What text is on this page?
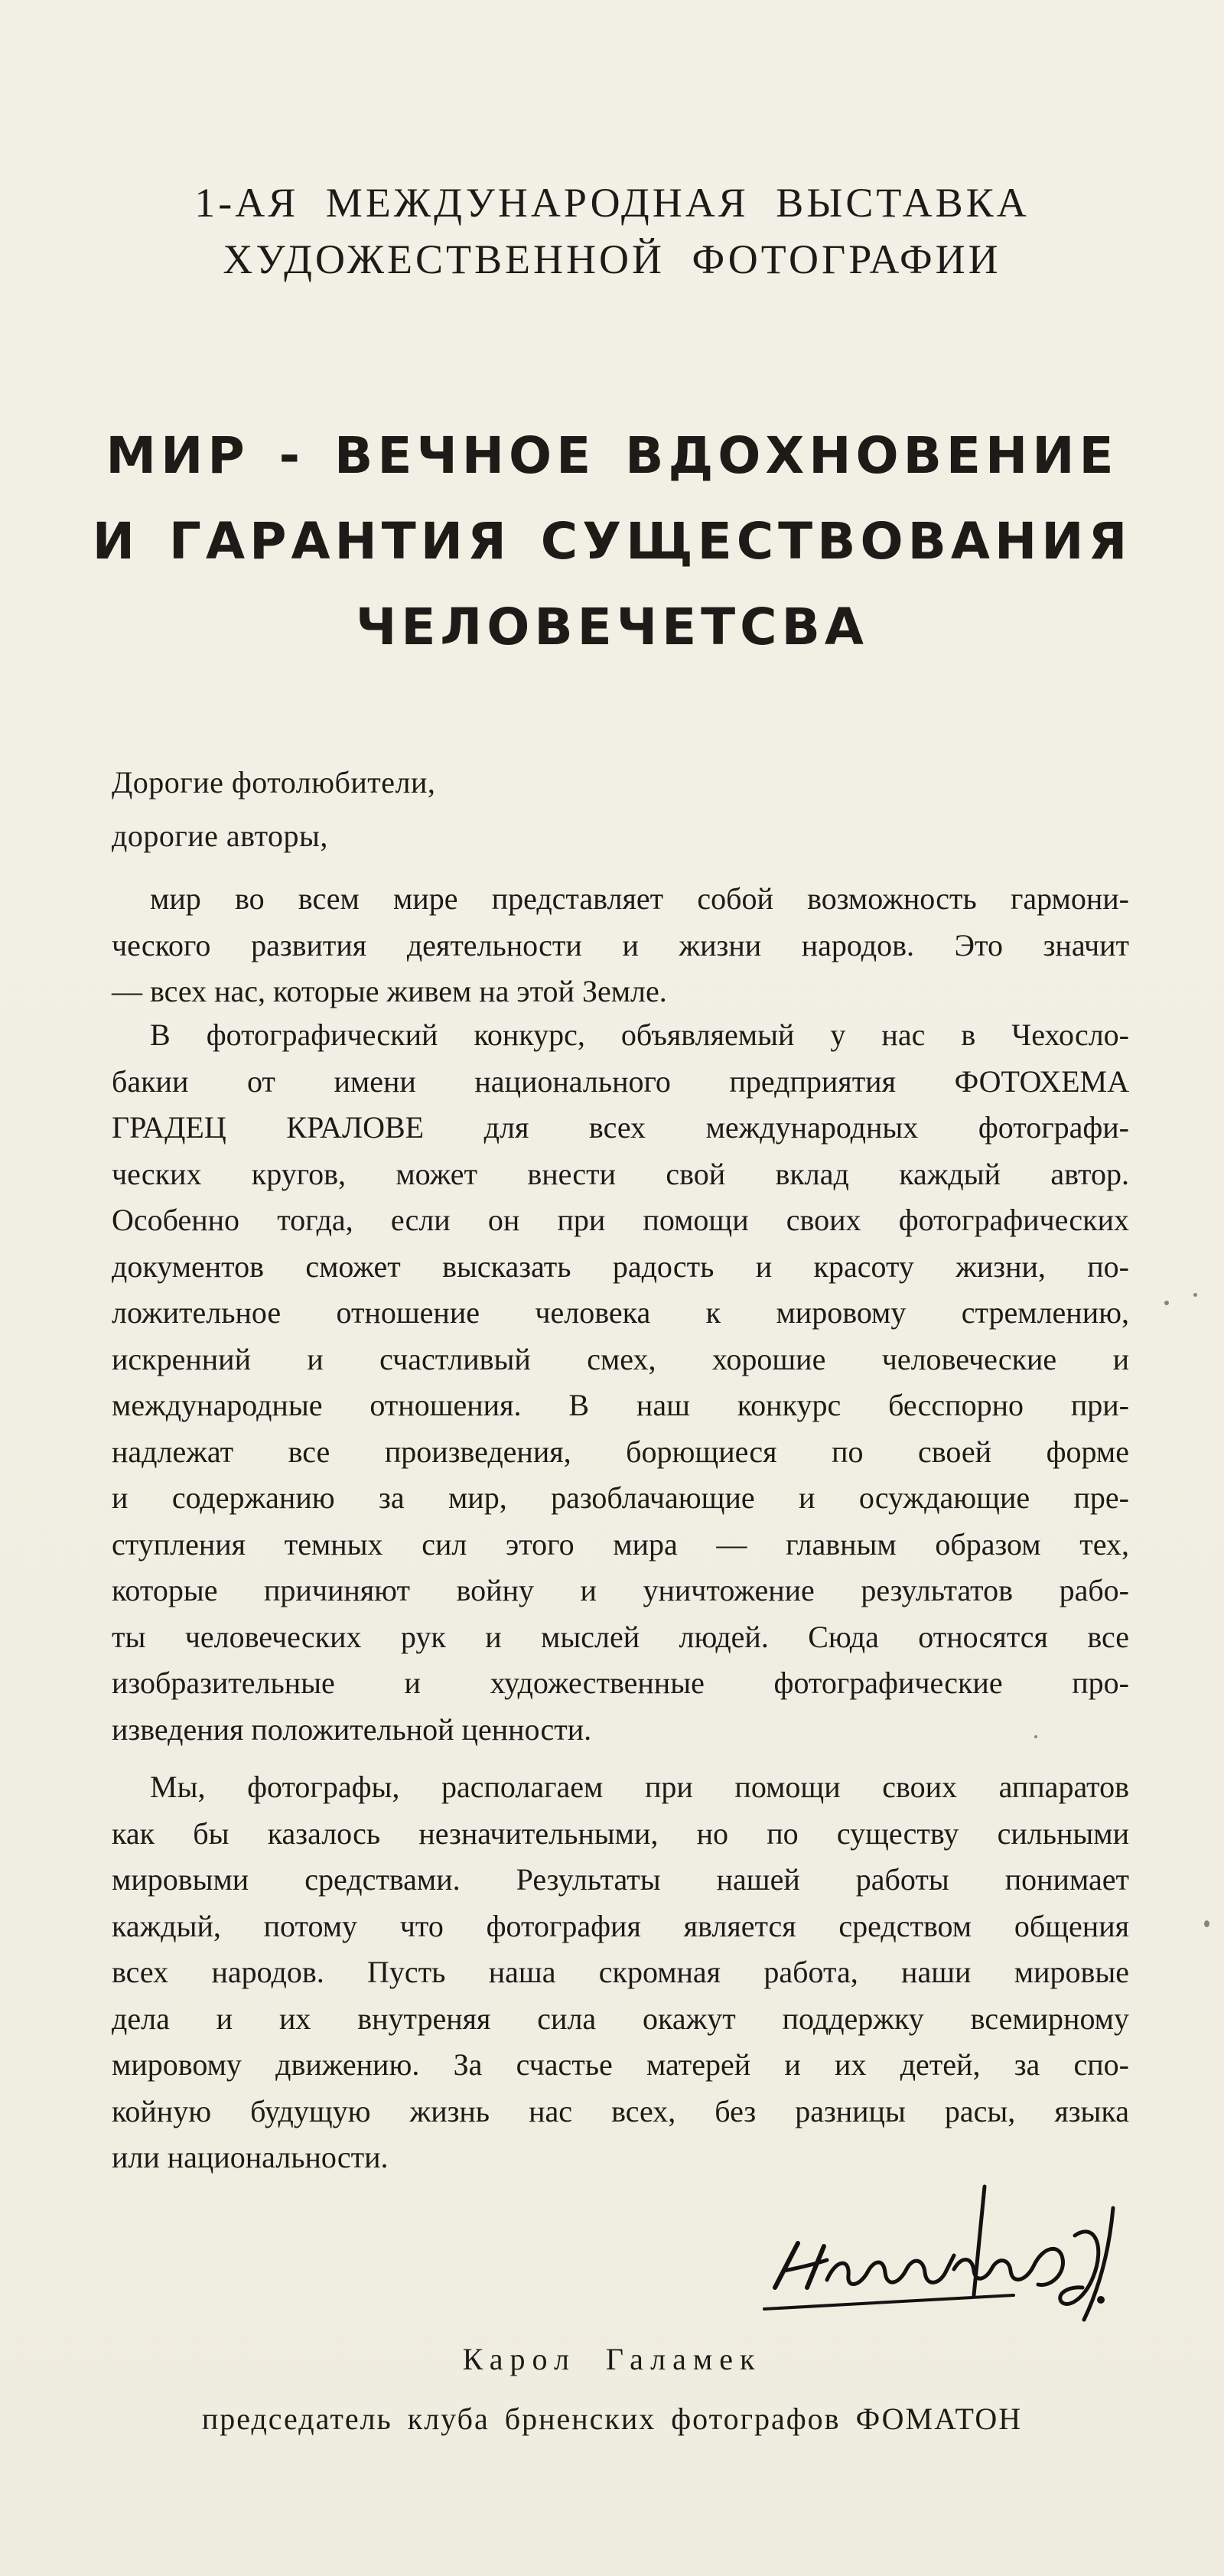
1-АЯ МЕЖДУНАРОДНАЯ ВЫСТАВКА
ХУДОЖЕСТВЕННОЙ ФОТОГРАФИИ
МИР - ВЕЧНОЕ ВДОХНОВЕНИЕ
И ГАРАНТИЯ СУЩЕСТВОВАНИЯ
ЧЕЛОВЕЧЕТСВА
Дорогие фотолюбители,
дорогие авторы,
мир во всем мире представляет собой возможность гармони-
ческого развития деятельности и жизни народов. Это значит
— всех нас, которые живем на этой Земле.
В фотографический конкурс, объявляемый у нас в Чехосло-
бакии от имени национального предприятия ФОТОХЕМА
ГРАДЕЦ КРАЛОВЕ для всех международных фотографи-
ческих кругов, может внести свой вклад каждый автор.
Особенно тогда, если он при помощи своих фотографических
документов сможет высказать радость и красоту жизни, по-
ложительное отношение человека к мировому стремлению,
искренний и счастливый смех, хорошие человеческие и
международные отношения. В наш конкурс бесспорно при-
надлежат все произведения, борющиеся по своей форме
и содержанию за мир, разоблачающие и осуждающие пре-
ступления темных сил этого мира — главным образом тех,
которые причиняют войну и уничтожение результатов рабо-
ты человеческих рук и мыслей людей. Сюда относятся все
изобразительные и художественные фотографические про-
изведения положительной ценности.
Мы, фотографы, располагаем при помощи своих аппаратов
как бы казалось незначительными, но по существу сильными
мировыми средствами. Результаты нашей работы понимает
каждый, потому что фотография является средством общения
всех народов. Пусть наша скромная работа, наши мировые
дела и их внутреняя сила окажут поддержку всемирному
мировому движению. За счастье матерей и их детей, за спо-
койную будущую жизнь нас всех, без разницы расы, языка
или национальности.
Карол Галамек
председатель клуба брненских фотографов ФОМАТОН
